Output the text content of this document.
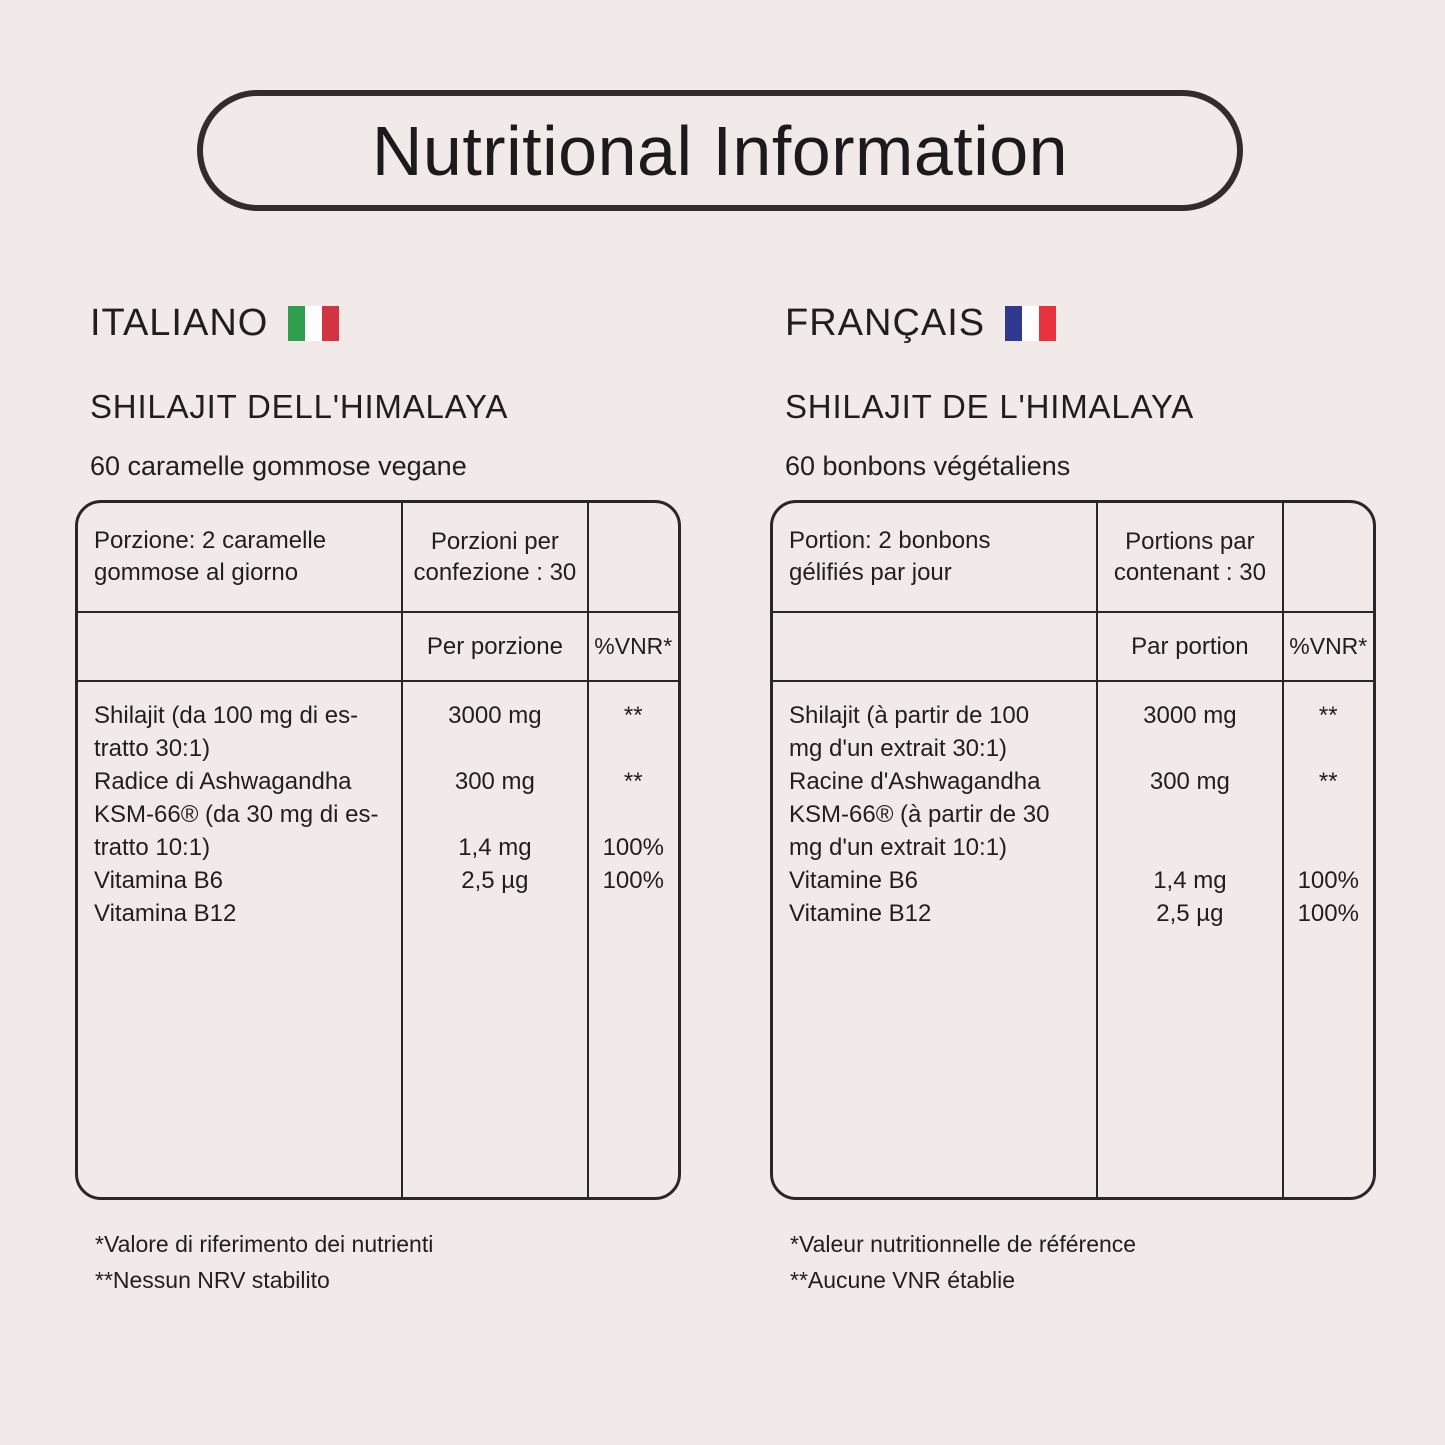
Nutritional Information
ITALIANO
SHILAJIT DELL'HIMALAYA
60 caramelle gommose vegane
Porzione: 2 caramelle gommose al giorno
Porzioni per confezione : 30
Per porzione	%VNR*
Shilajit (da 100 mg di es-
tratto 30:1)
Radice di Ashwagandha
KSM-66® (da 30 mg di es-
tratto 10:1)
Vitamina B6
Vitamina B12
3000 mg
300 mg
1,4 mg
2,5 µg
**
**
100%
100%
*Valore di riferimento dei nutrienti
**Nessun NRV stabilito
FRANÇAIS
SHILAJIT DE L'HIMALAYA
60 bonbons végétaliens
Portion: 2 bonbons gélifiés par jour
Portions par contenant : 30
Par portion	%VNR*
Shilajit (à partir de 100
mg d'un extrait 30:1)
Racine d'Ashwagandha
KSM-66® (à partir de 30
mg d'un extrait 10:1)
Vitamine B6
Vitamine B12
3000 mg
300 mg
1,4 mg
2,5 µg
**
**
100%
100%
*Valeur nutritionnelle de référence
**Aucune VNR établie
